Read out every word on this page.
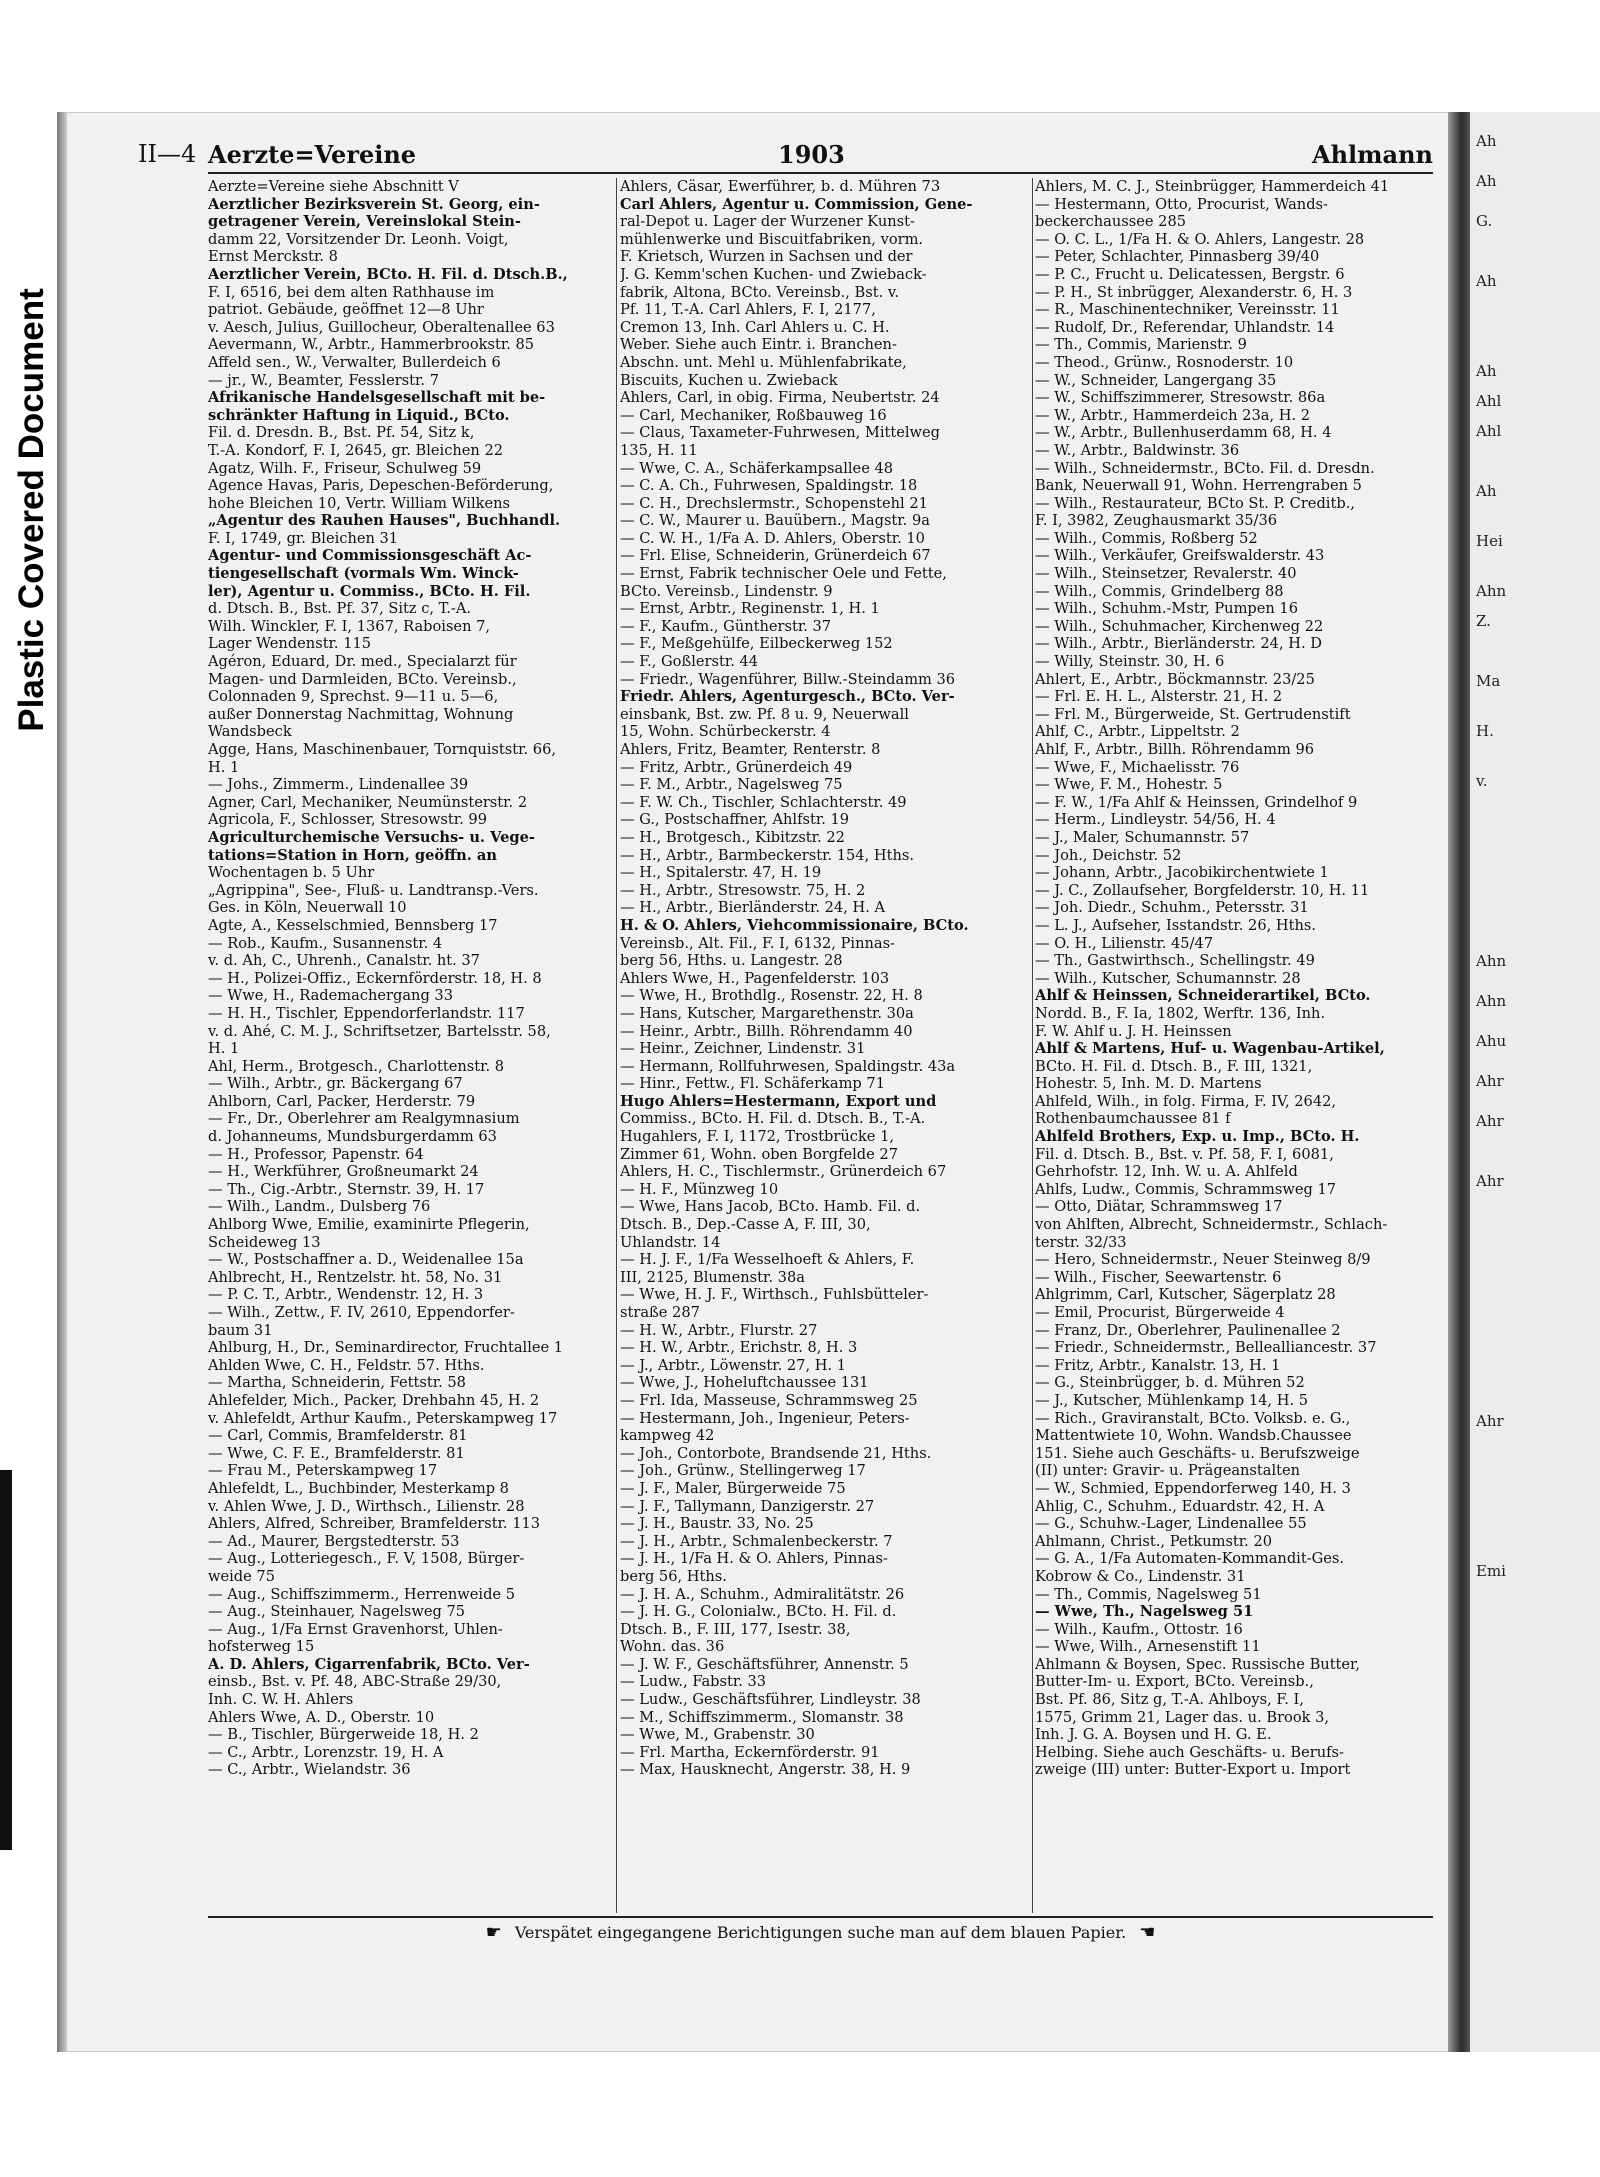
Plastic Covered Document
Ah
Ah
G.
Ah
Ah
Ahl
Ahl
Ah
Hei
Ahn
Z.
Ma
H.
v.
Ahn
Ahn
Ahu
Ahr
Ahr
Ahr
Ahr
Emi
II—4 Aerzte=Vereine	1903	Ahlmann

Aerzte=Vereine siehe Abschnitt V

Aerztlicher Bezirksverein St. Georg, ein-

getragener Verein, Vereinslokal Stein-

damm 22, Vorsitzender Dr. Leonh. Voigt,

Ernst Merckstr. 8

Aerztlicher Verein, BCto. H. Fil. d. Dtsch.B.,

F. I, 6516, bei dem alten Rathhause im

patriot. Gebäude, geöffnet 12—8 Uhr

v. Aesch, Julius, Guillocheur, Oberaltenallee 63

Aevermann, W., Arbtr., Hammerbrookstr. 85

Affeld sen., W., Verwalter, Bullerdeich 6

— jr., W., Beamter, Fesslerstr. 7

Afrikanische Handelsgesellschaft mit be-

schränkter Haftung in Liquid., BCto.

Fil. d. Dresdn. B., Bst. Pf. 54, Sitz k,

T.-A. Kondorf, F. I, 2645, gr. Bleichen 22

Agatz, Wilh. F., Friseur, Schulweg 59

Agence Havas, Paris, Depeschen-Beförderung,

hohe Bleichen 10, Vertr. William Wilkens

„Agentur des Rauhen Hauses", Buchhandl.

F. I, 1749, gr. Bleichen 31

Agentur- und Commissionsgeschäft Ac-

tiengesellschaft (vormals Wm. Winck-

ler), Agentur u. Commiss., BCto. H. Fil.

d. Dtsch. B., Bst. Pf. 37, Sitz c, T.-A.

Wilh. Winckler, F. I, 1367, Raboisen 7,

Lager Wendenstr. 115

Agéron, Eduard, Dr. med., Specialarzt für

Magen- und Darmleiden, BCto. Vereinsb.,

Colonnaden 9, Sprechst. 9—11 u. 5—6,

außer Donnerstag Nachmittag, Wohnung

Wandsbeck

Agge, Hans, Maschinenbauer, Tornquiststr. 66,

H. 1

— Johs., Zimmerm., Lindenallee 39

Agner, Carl, Mechaniker, Neumünsterstr. 2

Agricola, F., Schlosser, Stresowstr. 99

Agriculturchemische Versuchs- u. Vege-

tations=Station in Horn, geöffn. an

Wochentagen b. 5 Uhr

„Agrippina", See-, Fluß- u. Landtransp.-Vers.

Ges. in Köln, Neuerwall 10

Agte, A., Kesselschmied, Bennsberg 17

— Rob., Kaufm., Susannenstr. 4

v. d. Ah, C., Uhrenh., Canalstr. ht. 37

— H., Polizei-Offiz., Eckernförderstr. 18, H. 8

— Wwe, H., Rademachergang 33

— H. H., Tischler, Eppendorferlandstr. 117

v. d. Ahé, C. M. J., Schriftsetzer, Bartelsstr. 58,

H. 1

Ahl, Herm., Brotgesch., Charlottenstr. 8

— Wilh., Arbtr., gr. Bäckergang 67

Ahlborn, Carl, Packer, Herderstr. 79

— Fr., Dr., Oberlehrer am Realgymnasium

d. Johanneums, Mundsburgerdamm 63

— H., Professor, Papenstr. 64

— H., Werkführer, Großneumarkt 24

— Th., Cig.-Arbtr., Sternstr. 39, H. 17

— Wilh., Landm., Dulsberg 76

Ahlborg Wwe, Emilie, examinirte Pflegerin,

Scheideweg 13

— W., Postschaffner a. D., Weidenallee 15a

Ahlbrecht, H., Rentzelstr. ht. 58, No. 31

— P. C. T., Arbtr., Wendenstr. 12, H. 3

— Wilh., Zettw., F. IV, 2610, Eppendorfer-

baum 31

Ahlburg, H., Dr., Seminardirector, Fruchtallee 1

Ahlden Wwe, C. H., Feldstr. 57. Hths.

— Martha, Schneiderin, Fettstr. 58

Ahlefelder, Mich., Packer, Drehbahn 45, H. 2

v. Ahlefeldt, Arthur Kaufm., Peterskampweg 17

— Carl, Commis, Bramfelderstr. 81

— Wwe, C. F. E., Bramfelderstr. 81

— Frau M., Peterskampweg 17

Ahlefeldt, L., Buchbinder, Mesterkamp 8

v. Ahlen Wwe, J. D., Wirthsch., Lilienstr. 28

Ahlers, Alfred, Schreiber, Bramfelderstr. 113

— Ad., Maurer, Bergstedterstr. 53

— Aug., Lotteriegesch., F. V, 1508, Bürger-

weide 75

— Aug., Schiffszimmerm., Herrenweide 5

— Aug., Steinhauer, Nagelsweg 75

— Aug., 1/Fa Ernst Gravenhorst, Uhlen-

hofsterweg 15

A. D. Ahlers, Cigarrenfabrik, BCto. Ver-

einsb., Bst. v. Pf. 48, ABC-Straße 29/30,

Inh. C. W. H. Ahlers

Ahlers Wwe, A. D., Oberstr. 10

— B., Tischler, Bürgerweide 18, H. 2

— C., Arbtr., Lorenzstr. 19, H. A

— C., Arbtr., Wielandstr. 36

Ahlers, Cäsar, Ewerführer, b. d. Mühren 73

Carl Ahlers, Agentur u. Commission, Gene-

ral-Depot u. Lager der Wurzener Kunst-

mühlenwerke und Biscuitfabriken, vorm.

F. Krietsch, Wurzen in Sachsen und der

J. G. Kemm'schen Kuchen- und Zwieback-

fabrik, Altona, BCto. Vereinsb., Bst. v.

Pf. 11, T.-A. Carl Ahlers, F. I, 2177,

Cremon 13, Inh. Carl Ahlers u. C. H.

Weber. Siehe auch Eintr. i. Branchen-

Abschn. unt. Mehl u. Mühlenfabrikate,

Biscuits, Kuchen u. Zwieback

Ahlers, Carl, in obig. Firma, Neubertstr. 24

— Carl, Mechaniker, Roßbauweg 16

— Claus, Taxameter-Fuhrwesen, Mittelweg

135, H. 11

— Wwe, C. A., Schäferkampsallee 48

— C. A. Ch., Fuhrwesen, Spaldingstr. 18

— C. H., Drechslermstr., Schopenstehl 21

— C. W., Maurer u. Bauübern., Magstr. 9a

— C. W. H., 1/Fa A. D. Ahlers, Oberstr. 10

— Frl. Elise, Schneiderin, Grünerdeich 67

— Ernst, Fabrik technischer Oele und Fette,

BCto. Vereinsb., Lindenstr. 9

— Ernst, Arbtr., Reginenstr. 1, H. 1

— F., Kaufm., Güntherstr. 37

— F., Meßgehülfe, Eilbeckerweg 152

— F., Goßlerstr. 44

— Friedr., Wagenführer, Billw.-Steindamm 36

Friedr. Ahlers, Agenturgesch., BCto. Ver-

einsbank, Bst. zw. Pf. 8 u. 9, Neuerwall

15, Wohn. Schürbeckerstr. 4

Ahlers, Fritz, Beamter, Renterstr. 8

— Fritz, Arbtr., Grünerdeich 49

— F. M., Arbtr., Nagelsweg 75

— F. W. Ch., Tischler, Schlachterstr. 49

— G., Postschaffner, Ahlfstr. 19

— H., Brotgesch., Kibitzstr. 22

— H., Arbtr., Barmbeckerstr. 154, Hths.

— H., Spitalerstr. 47, H. 19

— H., Arbtr., Stresowstr. 75, H. 2

— H., Arbtr., Bierländerstr. 24, H. A

H. & O. Ahlers, Viehcommissionaire, BCto.

Vereinsb., Alt. Fil., F. I, 6132, Pinnas-

berg 56, Hths. u. Langestr. 28

Ahlers Wwe, H., Pagenfelderstr. 103

— Wwe, H., Brothdlg., Rosenstr. 22, H. 8

— Hans, Kutscher, Margarethenstr. 30a

— Heinr., Arbtr., Billh. Röhrendamm 40

— Heinr., Zeichner, Lindenstr. 31

— Hermann, Rollfuhrwesen, Spaldingstr. 43a

— Hinr., Fettw., Fl. Schäferkamp 71

Hugo Ahlers=Hestermann, Export und

Commiss., BCto. H. Fil. d. Dtsch. B., T.-A.

Hugahlers, F. I, 1172, Trostbrücke 1,

Zimmer 61, Wohn. oben Borgfelde 27

Ahlers, H. C., Tischlermstr., Grünerdeich 67

— H. F., Münzweg 10

— Wwe, Hans Jacob, BCto. Hamb. Fil. d.

Dtsch. B., Dep.-Casse A, F. III, 30,

Uhlandstr. 14

— H. J. F., 1/Fa Wesselhoeft & Ahlers, F.

III, 2125, Blumenstr. 38a

— Wwe, H. J. F., Wirthsch., Fuhlsbütteler-

straße 287

— H. W., Arbtr., Flurstr. 27

— H. W., Arbtr., Erichstr. 8, H. 3

— J., Arbtr., Löwenstr. 27, H. 1

— Wwe, J., Hoheluftchaussee 131

— Frl. Ida, Masseuse, Schrammsweg 25

— Hestermann, Joh., Ingenieur, Peters-

kampweg 42

— Joh., Contorbote, Brandsende 21, Hths.

— Joh., Grünw., Stellingerweg 17

— J. F., Maler, Bürgerweide 75

— J. F., Tallymann, Danzigerstr. 27

— J. H., Baustr. 33, No. 25

— J. H., Arbtr., Schmalenbeckerstr. 7

— J. H., 1/Fa H. & O. Ahlers, Pinnas-

berg 56, Hths.

— J. H. A., Schuhm., Admiralitätstr. 26

— J. H. G., Colonialw., BCto. H. Fil. d.

Dtsch. B., F. III, 177, Isestr. 38,

Wohn. das. 36

— J. W. F., Geschäftsführer, Annenstr. 5

— Ludw., Fabstr. 33

— Ludw., Geschäftsführer, Lindleystr. 38

— M., Schiffszimmerm., Slomanstr. 38

— Wwe, M., Grabenstr. 30

— Frl. Martha, Eckernförderstr. 91

— Max, Hausknecht, Angerstr. 38, H. 9

Ahlers, M. C. J., Steinbrügger, Hammerdeich 41

— Hestermann, Otto, Procurist, Wands-

beckerchaussee 285

— O. C. L., 1/Fa H. & O. Ahlers, Langestr. 28

— Peter, Schlachter, Pinnasberg 39/40

— P. C., Frucht u. Delicatessen, Bergstr. 6

— P. H., St inbrügger, Alexanderstr. 6, H. 3

— R., Maschinentechniker, Vereinsstr. 11

— Rudolf, Dr., Referendar, Uhlandstr. 14

— Th., Commis, Marienstr. 9

— Theod., Grünw., Rosnoderstr. 10

— W., Schneider, Langergang 35

— W., Schiffszimmerer, Stresowstr. 86a

— W., Arbtr., Hammerdeich 23a, H. 2

— W., Arbtr., Bullenhuserdamm 68, H. 4

— W., Arbtr., Baldwinstr. 36

— Wilh., Schneidermstr., BCto. Fil. d. Dresdn.

Bank, Neuerwall 91, Wohn. Herrengraben 5

— Wilh., Restaurateur, BCto St. P. Creditb.,

F. I, 3982, Zeughausmarkt 35/36

— Wilh., Commis, Roßberg 52

— Wilh., Verkäufer, Greifswalderstr. 43

— Wilh., Steinsetzer, Revalerstr. 40

— Wilh., Commis, Grindelberg 88

— Wilh., Schuhm.-Mstr, Pumpen 16

— Wilh., Schuhmacher, Kirchenweg 22

— Wilh., Arbtr., Bierländerstr. 24, H. D

— Willy, Steinstr. 30, H. 6

Ahlert, E., Arbtr., Böckmannstr. 23/25

— Frl. E. H. L., Alsterstr. 21, H. 2

— Frl. M., Bürgerweide, St. Gertrudenstift

Ahlf, C., Arbtr., Lippeltstr. 2

Ahlf, F., Arbtr., Billh. Röhrendamm 96

— Wwe, F., Michaelisstr. 76

— Wwe, F. M., Hohestr. 5

— F. W., 1/Fa Ahlf & Heinssen, Grindelhof 9

— Herm., Lindleystr. 54/56, H. 4

— J., Maler, Schumannstr. 57

— Joh., Deichstr. 52

— Johann, Arbtr., Jacobikirchentwiete 1

— J. C., Zollaufseher, Borgfelderstr. 10, H. 11

— Joh. Diedr., Schuhm., Petersstr. 31

— L. J., Aufseher, Isstandstr. 26, Hths.

— O. H., Lilienstr. 45/47

— Th., Gastwirthsch., Schellingstr. 49

— Wilh., Kutscher, Schumannstr. 28

Ahlf & Heinssen, Schneiderartikel, BCto.

Nordd. B., F. Ia, 1802, Werftr. 136, Inh.

F. W. Ahlf u. J. H. Heinssen

Ahlf & Martens, Huf- u. Wagenbau-Artikel,

BCto. H. Fil. d. Dtsch. B., F. III, 1321,

Hohestr. 5, Inh. M. D. Martens

Ahlfeld, Wilh., in folg. Firma, F. IV, 2642,

Rothenbaumchaussee 81 f

Ahlfeld Brothers, Exp. u. Imp., BCto. H.

Fil. d. Dtsch. B., Bst. v. Pf. 58, F. I, 6081,

Gehrhofstr. 12, Inh. W. u. A. Ahlfeld

Ahlfs, Ludw., Commis, Schrammsweg 17

— Otto, Diätar, Schrammsweg 17

von Ahlften, Albrecht, Schneidermstr., Schlach-

terstr. 32/33

— Hero, Schneidermstr., Neuer Steinweg 8/9

— Wilh., Fischer, Seewartenstr. 6

Ahlgrimm, Carl, Kutscher, Sägerplatz 28

— Emil, Procurist, Bürgerweide 4

— Franz, Dr., Oberlehrer, Paulinenallee 2

— Friedr., Schneidermstr., Bellealliancestr. 37

— Fritz, Arbtr., Kanalstr. 13, H. 1

— G., Steinbrügger, b. d. Mühren 52

— J., Kutscher, Mühlenkamp 14, H. 5

— Rich., Graviranstalt, BCto. Volksb. e. G.,

Mattentwiete 10, Wohn. Wandsb.Chaussee

151. Siehe auch Geschäfts- u. Berufszweige

(II) unter: Gravir- u. Prägeanstalten

— W., Schmied, Eppendorferweg 140, H. 3

Ahlig, C., Schuhm., Eduardstr. 42, H. A

— G., Schuhw.-Lager, Lindenallee 55

Ahlmann, Christ., Petkumstr. 20

— G. A., 1/Fa Automaten-Kommandit-Ges.

Kobrow & Co., Lindenstr. 31

— Th., Commis, Nagelsweg 51

— Wwe, Th., Nagelsweg 51

— Wilh., Kaufm., Ottostr. 16

— Wwe, Wilh., Arnesenstift 11

Ahlmann & Boysen, Spec. Russische Butter,

Butter-Im- u. Export, BCto. Vereinsb.,

Bst. Pf. 86, Sitz g, T.-A. Ahlboys, F. I,

1575, Grimm 21, Lager das. u. Brook 3,

Inh. J. G. A. Boysen und H. G. E.

Helbing. Siehe auch Geschäfts- u. Berufs-

zweige (III) unter: Butter-Export u. Import

☛ Verspätet eingegangene Berichtigungen suche man auf dem blauen Papier. ☚
